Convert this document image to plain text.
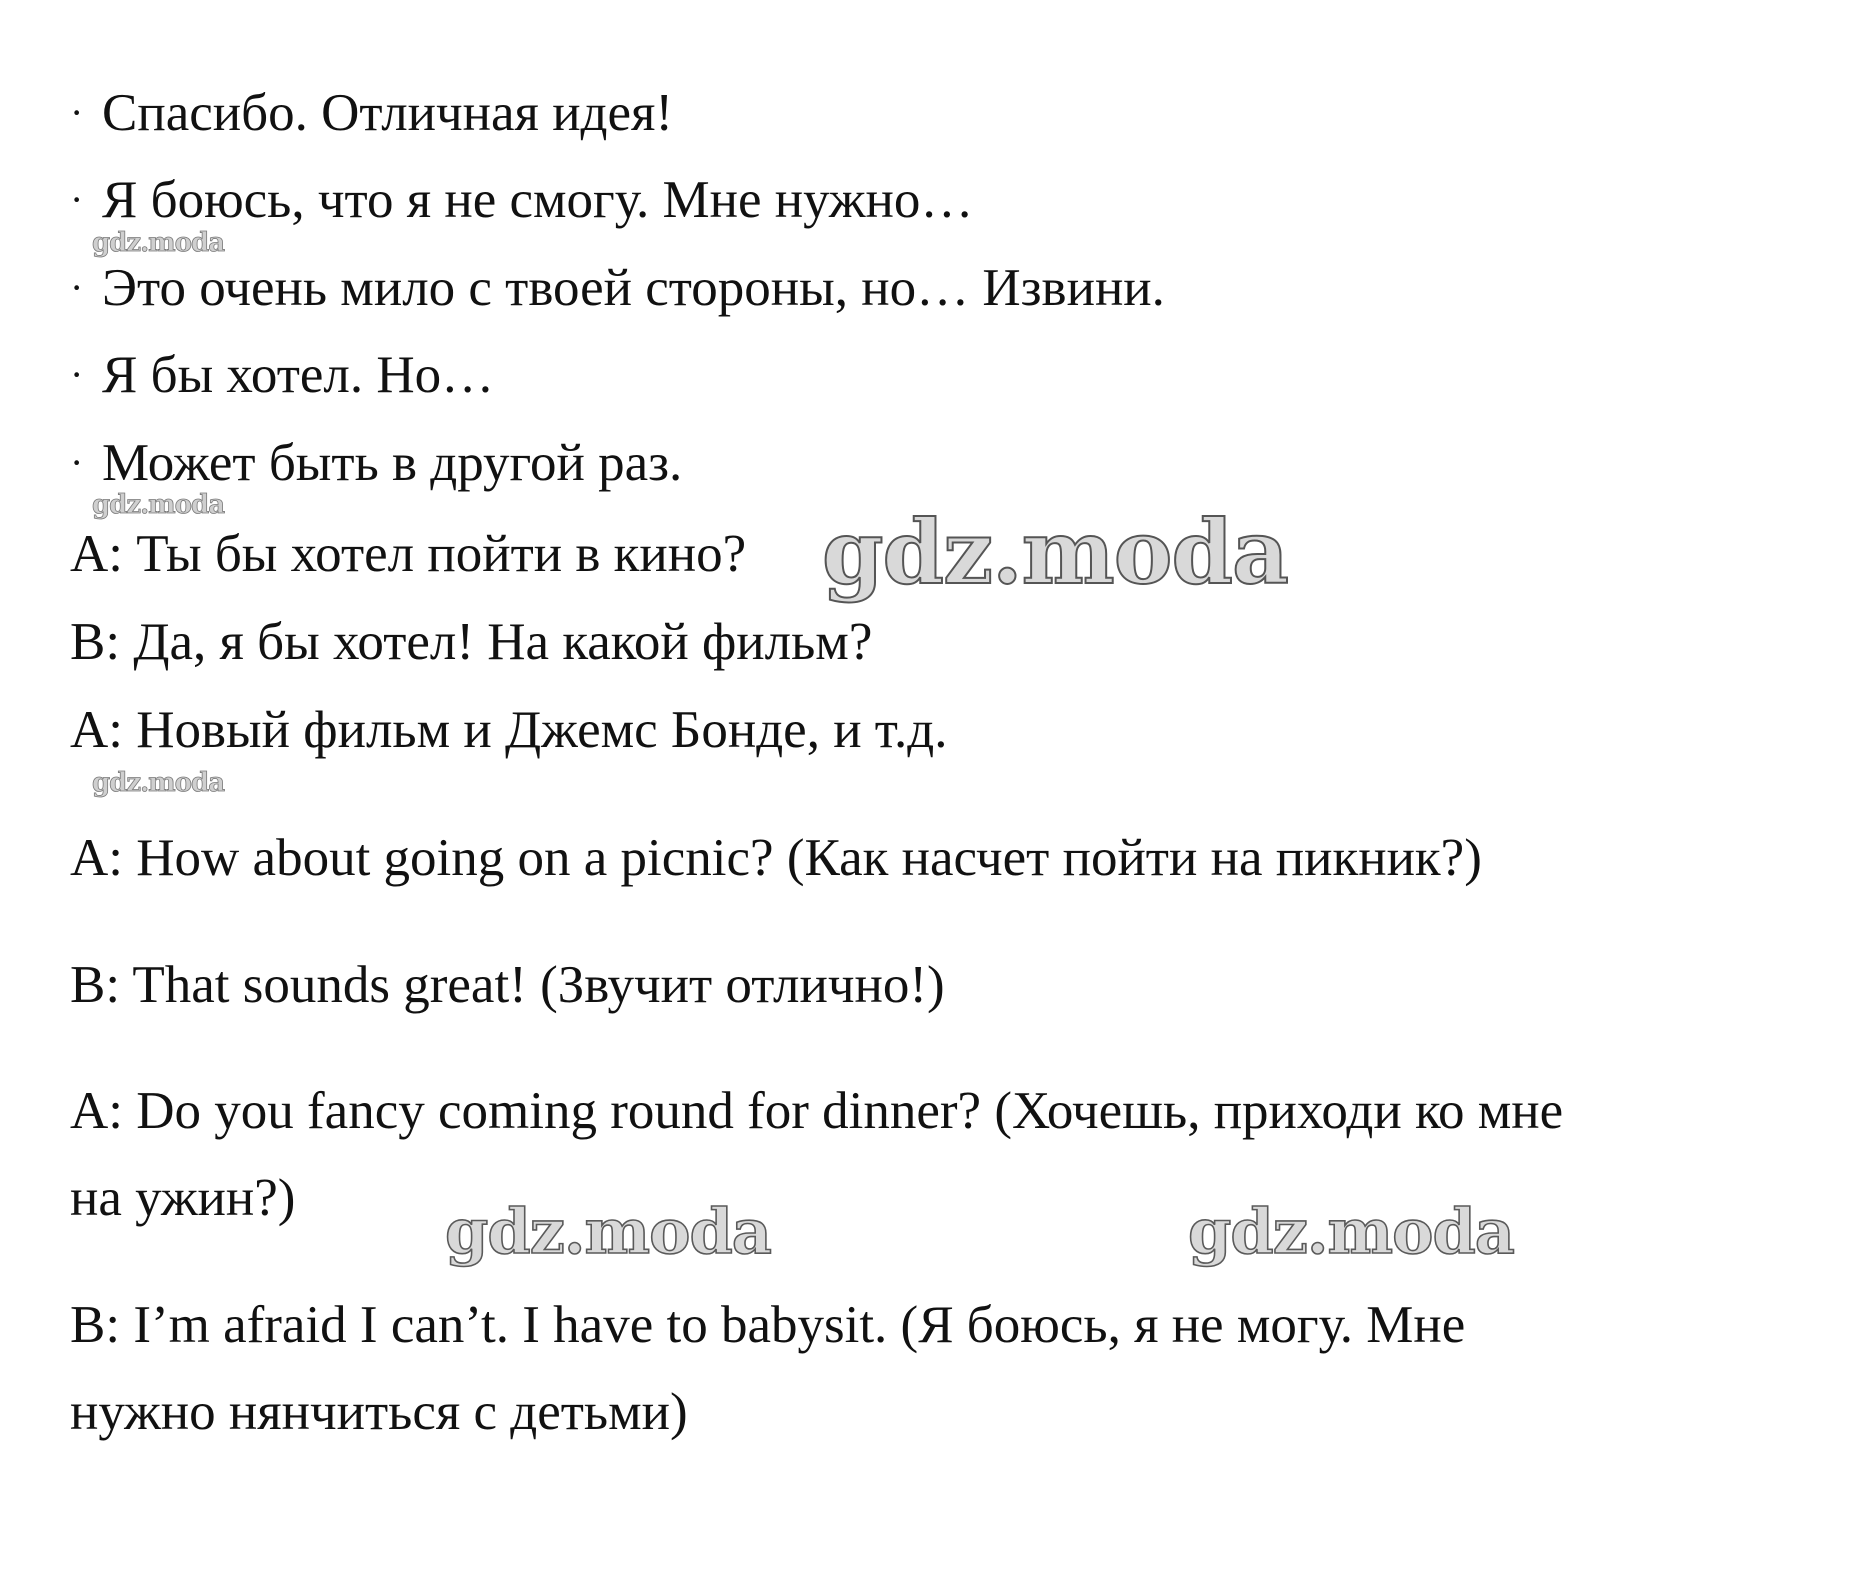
· Спасибо. Отличная идея!
· Я боюсь, что я не смогу. Мне нужно…
· Это очень мило с твоей стороны, но… Извини.
· Я бы хотел. Но…
· Может быть в другой раз.
A: Ты бы хотел пойти в кино?
B: Да, я бы хотел! На какой фильм?
A: Новый фильм и Джемс Бонде, и т.д.
A: How about going on a picnic? (Как насчет пойти на пикник?)
B: That sounds great! (Звучит отлично!)
A: Do you fancy coming round for dinner? (Хочешь, приходи ко мне
на ужин?)
B: I’m afraid I can’t. I have to babysit. (Я боюсь, я не могу. Мне
нужно нянчиться с детьми)
gdz.moda
gdz.moda
gdz.moda
gdz.moda
gdz.moda	gdz.moda
